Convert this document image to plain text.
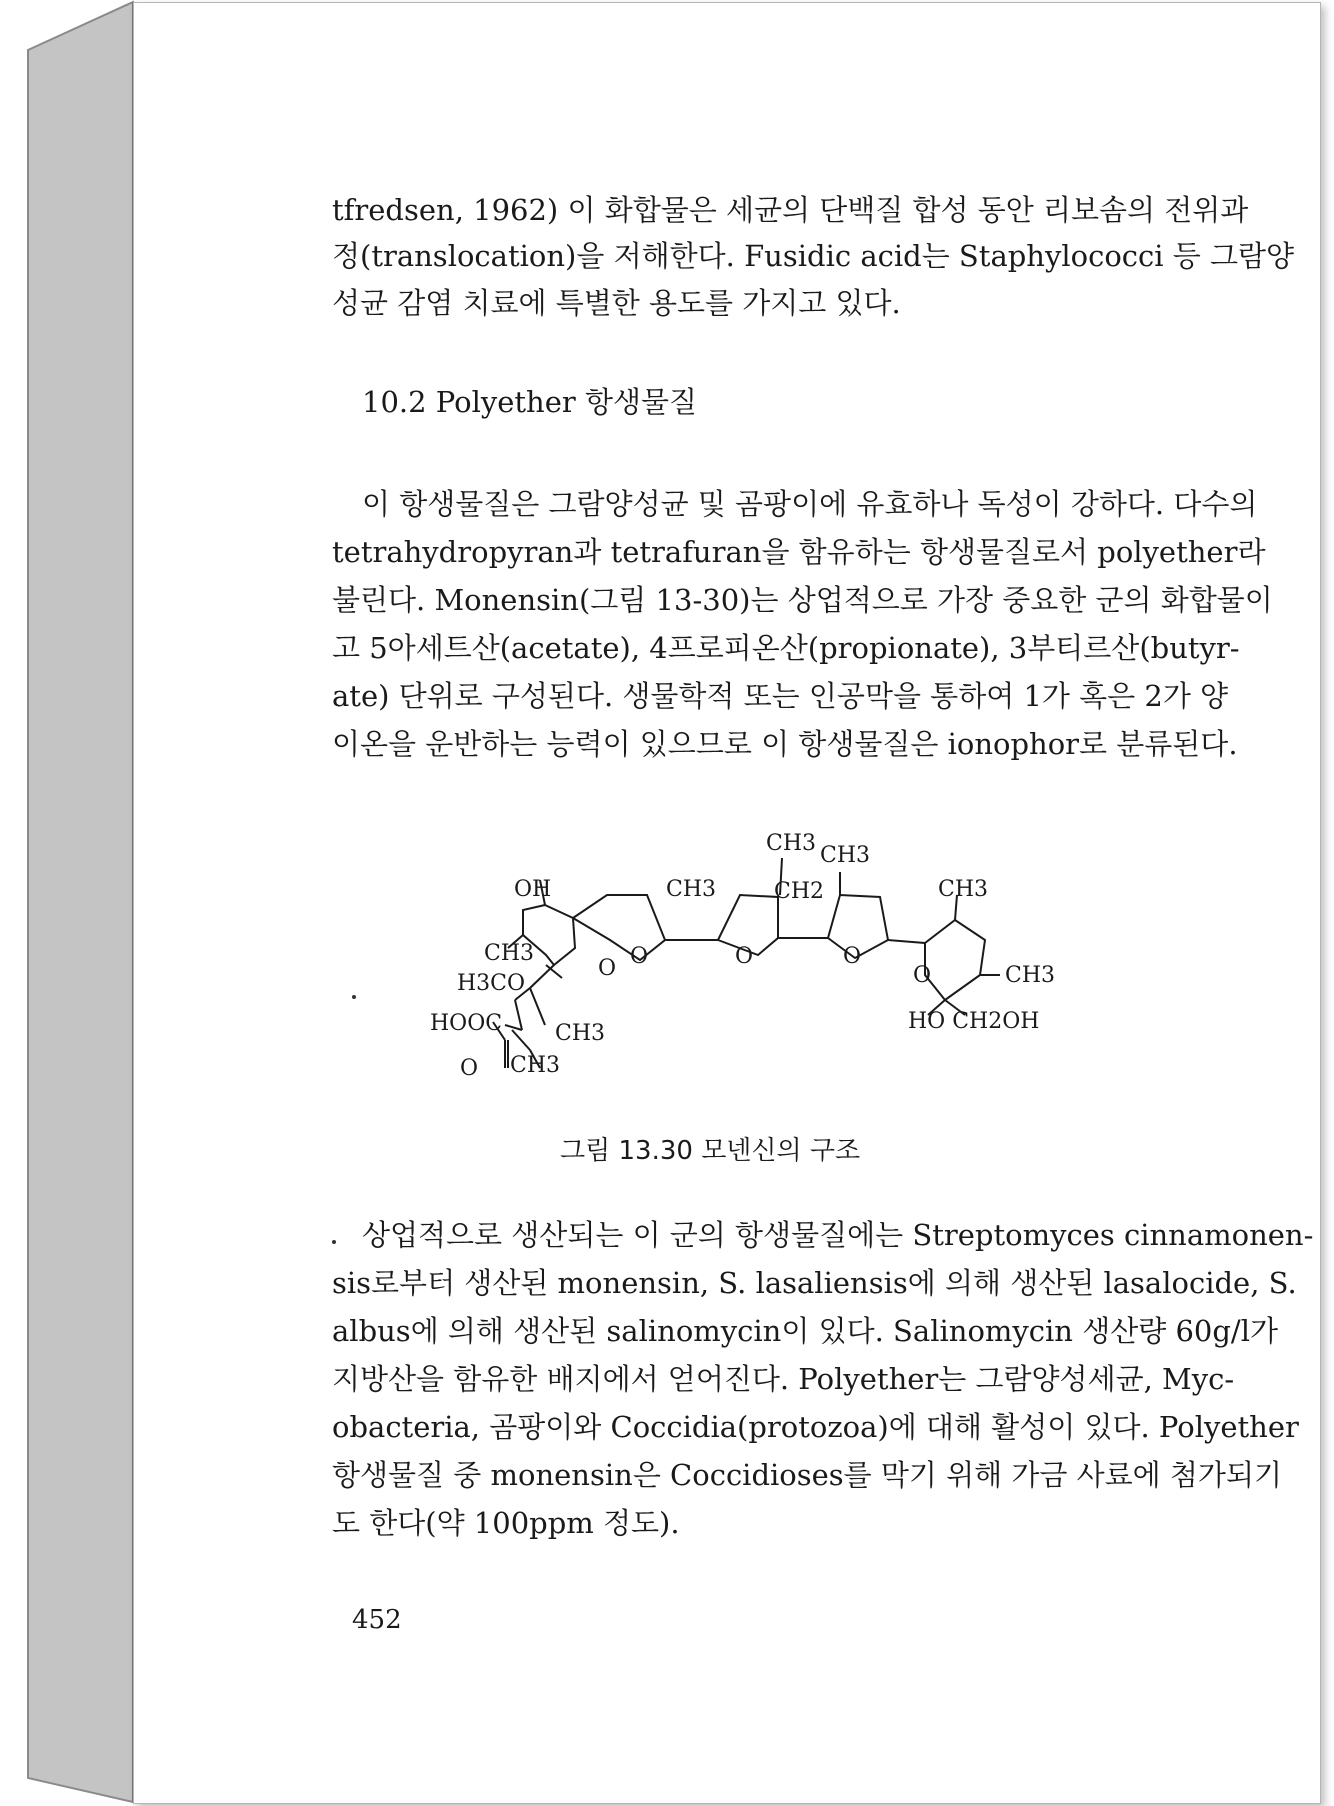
tfredsen, 1962) 이 화합물은 세균의 단백질 합성 동안 리보솜의 전위과

정(translocation)을 저해한다. Fusidic acid는 Staphylococci 등 그람양

성균 감염 치료에 특별한 용도를 가지고 있다.

10.2 Polyether 항생물질

이 항생물질은 그람양성균 및 곰팡이에 유효하나 독성이 강하다. 다수의

tetrahydropyran과 tetrafuran을 함유하는 항생물질로서 polyether라

불린다. Monensin(그림 13-30)는 상업적으로 가장 중요한 군의 화합물이

고 5아세트산(acetate), 4프로피온산(propionate), 3부티르산(butyr-

ate) 단위로 구성된다. 생물학적 또는 인공막을 통하여 1가 혹은 2가 양

이온을 운반하는 능력이 있으므로 이 항생물질은 ionophor로 분류된다.

CH3 CH3
OH	CH3	CH2	CH3
CH3	O	O	O
O
H3CO	O	CH3
HOOC CH3	HO CH2OH
O CH3
그림 13.30 모넨신의 구조

상업적으로 생산되는 이 군의 항생물질에는 Streptomyces cinnamonen-

sis로부터 생산된 monensin, S. lasaliensis에 의해 생산된 lasalocide, S.

albus에 의해 생산된 salinomycin이 있다. Salinomycin 생산량 60g/l가

지방산을 함유한 배지에서 얻어진다. Polyether는 그람양성세균, Myc-

obacteria, 곰팡이와 Coccidia(protozoa)에 대해 활성이 있다. Polyether

항생물질 중 monensin은 Coccidioses를 막기 위해 가금 사료에 첨가되기

도 한다(약 100ppm 정도).

452
